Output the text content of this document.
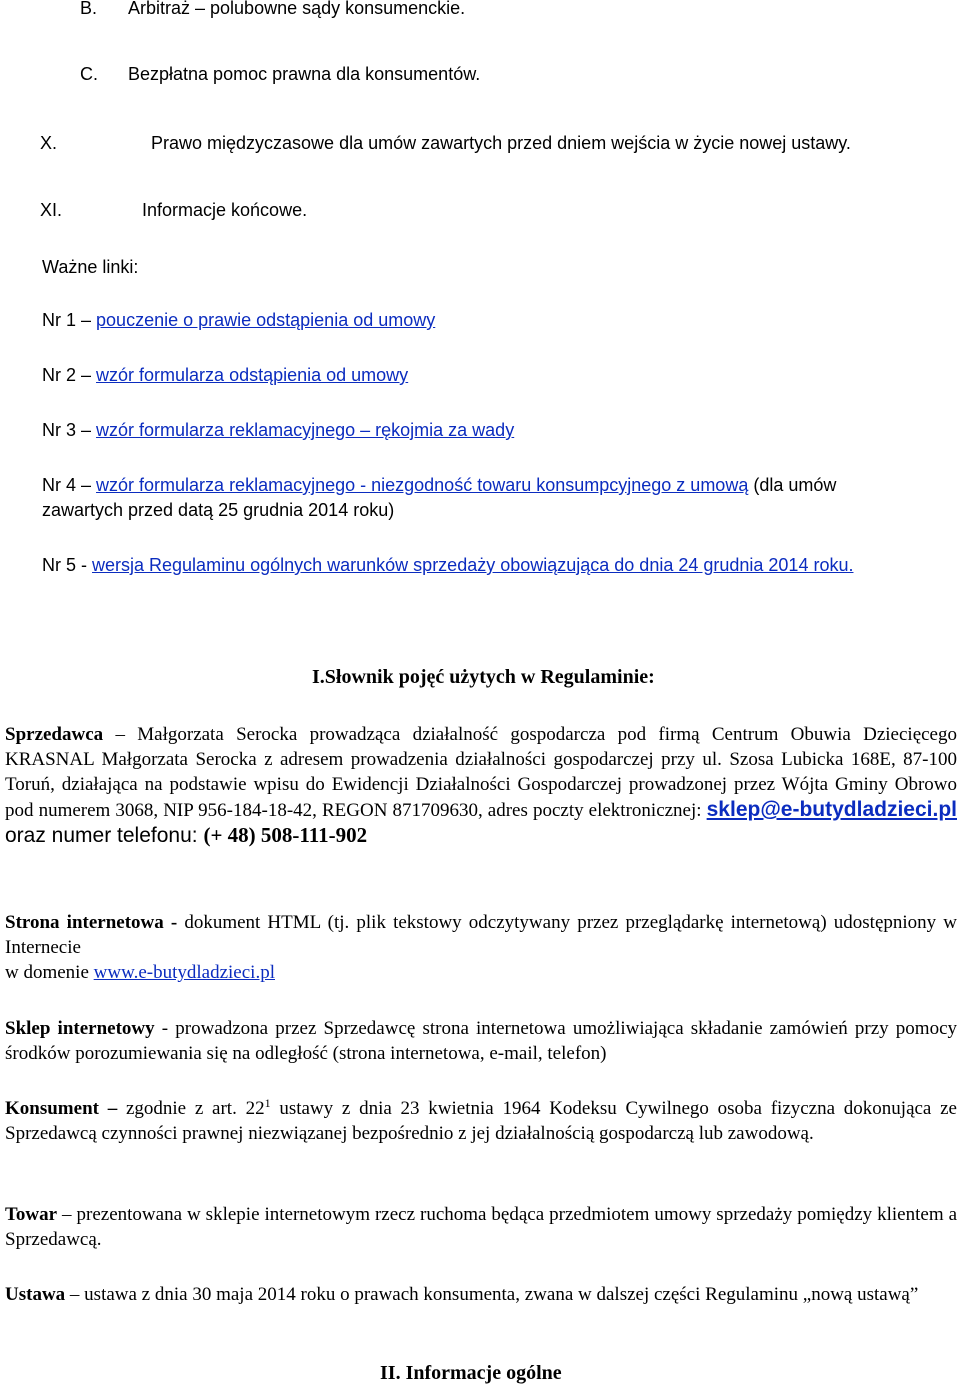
B. Arbitraż – polubowne sądy konsumenckie.
C. Bezpłatna pomoc prawna dla konsumentów.
X.	Prawo międzyczasowe dla umów zawartych przed dniem wejścia w życie nowej ustawy.
XI.	Informacje końcowe.
Ważne linki:
Nr 1 – pouczenie o prawie odstąpienia od umowy
Nr 2 – wzór formularza odstąpienia od umowy
Nr 3 – wzór formularza reklamacyjnego – rękojmia za wady
Nr 4 – wzór formularza reklamacyjnego - niezgodność towaru konsumpcyjnego z umową (dla umów
zawartych przed datą 25 grudnia 2014 roku)
Nr 5 - wersja Regulaminu ogólnych warunków sprzedaży obowiązująca do dnia 24 grudnia 2014 roku.
I.Słownik pojęć użytych w Regulaminie:
Sprzedawca – Małgorzata Serocka prowadząca działalność gospodarcza pod firmą Centrum Obuwia Dziecięcego KRASNAL Małgorzata Serocka z adresem prowadzenia działalności gospodarczej przy ul. Szosa Lubicka 168E, 87-100 Toruń, działająca na podstawie wpisu do Ewidencji Działalności Gospodarczej prowadzonej przez Wójta Gminy Obrowo pod numerem 3068, NIP 956-184-18-42, REGON 871709630, adres poczty elektronicznej: sklep@e-butydladzieci.pl oraz numer telefonu: (+ 48) 508-111-902
Strona internetowa - dokument HTML (tj. plik tekstowy odczytywany przez przeglądarkę internetową) udostępniony w Internecie
w domenie www.e-butydladzieci.pl
Sklep internetowy - prowadzona przez Sprzedawcę strona internetowa umożliwiająca składanie zamówień przy pomocy środków porozumiewania się na odległość (strona internetowa, e-mail, telefon)
Konsument – zgodnie z art. $22^1$ ustawy z dnia 23 kwietnia 1964 Kodeksu Cywilnego osoba fizyczna dokonująca ze Sprzedawcą czynności prawnej niezwiązanej bezpośrednio z jej działalnością gospodarczą lub zawodową.
Towar – prezentowana w sklepie internetowym rzecz ruchoma będąca przedmiotem umowy sprzedaży pomiędzy klientem a Sprzedawcą.
Ustawa – ustawa z dnia 30 maja 2014 roku o prawach konsumenta, zwana w dalszej części Regulaminu „nową ustawą”
II. Informacje ogólne
